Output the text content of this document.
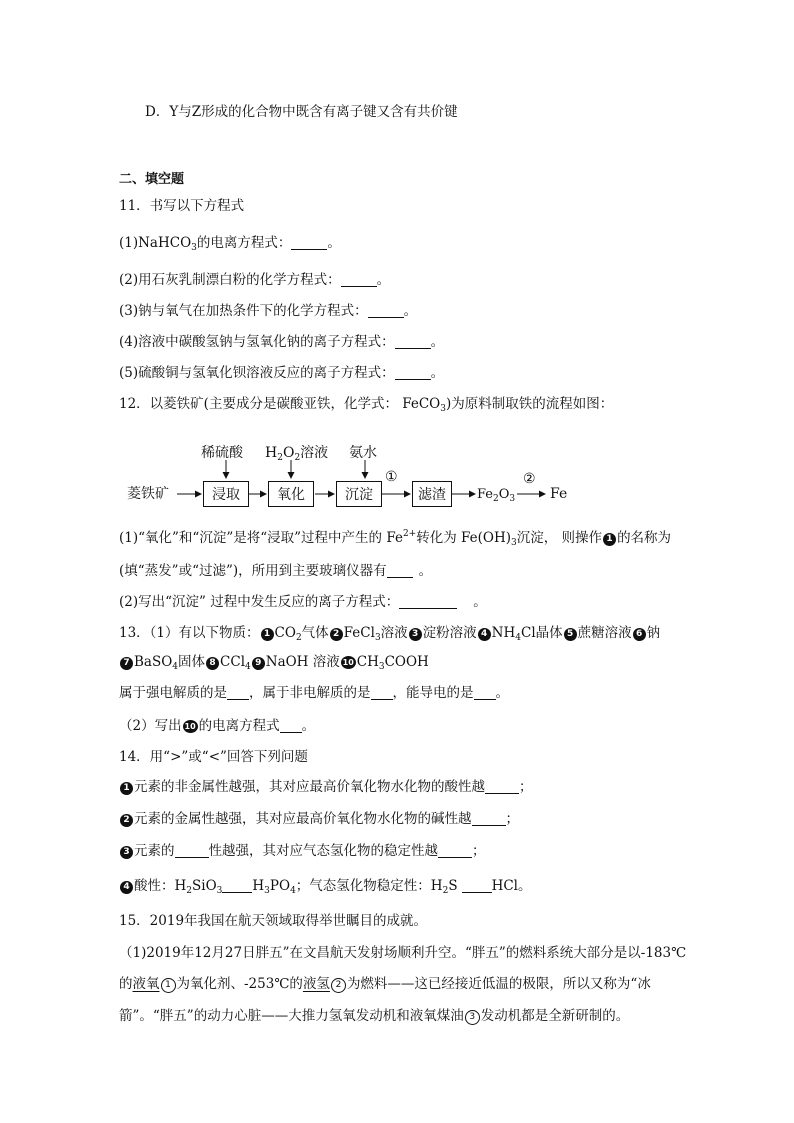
D．Y与Z形成的化合物中既含有离子键又含有共价键
二、填空题
11．书写以下方程式
(1)NaHCO$_3$的电离方程式：	。
(2)用石灰乳制漂白粉的化学方程式：	。
(3)钠与氧气在加热条件下的化学方程式：	。
(4)溶液中碳酸氢钠与氢氧化钠的离子方程式：	。
(5)硫酸铜与氢氧化钡溶液反应的离子方程式：	。
12．以菱铁矿(主要成分是碳酸亚铁，化学式： FeCO$_3$)为原料制取铁的流程如图：
稀硫酸 $H_2O_2$溶液 氨水
菱铁矿	浸取	氧化	沉淀
①
滤渣	$Fe_2O_3$
②
Fe
(1)“氧化”和“沉淀”是将“浸取”过程中产生的 $Fe^{2+}$转化为 $Fe(OH)_3$沉淀， 则操作 1 的名称为
(填“蒸发”或“过滤”)，所用到主要玻璃仪器有 。
(2)写出“沉淀” 过程中发生反应的离子方程式：	。
13．（1）有以下物质： 1 $CO_2$气体 2 FeCl$_3$溶液 3 淀粉溶液 4 $NH_4Cl$晶体 5 蔗糖溶液 6 钠
7 BaSO$_4$固体 8 CCl$_4$ 9 NaOH 溶液 10 $CH_3COOH$
属于强电解质的是 ，属于非电解质的是 ，能导电的是 。
（2）写出 10 的电离方程式 。
14．用“>”或“<”回答下列问题
1 元素的非金属性越强，其对应最高价氧化物水化物的酸性越	；
2 元素的金属性越强，其对应最高价氧化物水化物的碱性越	；
3 元素的	性越强，其对应气态氢化物的稳定性越	；
4 酸性：$H_2SiO_3$ $H_3PO_4$；气态氢化物稳定性：$H_2S$	HCl。
15．2019年我国在航天领域取得举世瞩目的成就。
（1)2019年12月27日胖五”在文昌航天发射场顺利升空。“胖五”的燃料系统大部分是以-183℃
的液氧 1 为氧化剂、-253℃的液氢 2 为燃料——这已经接近低温的极限，所以又称为“冰
箭”。“胖五”的动力心脏——大推力氢氧发动机和液氧煤油 3 发动机都是全新研制的。
